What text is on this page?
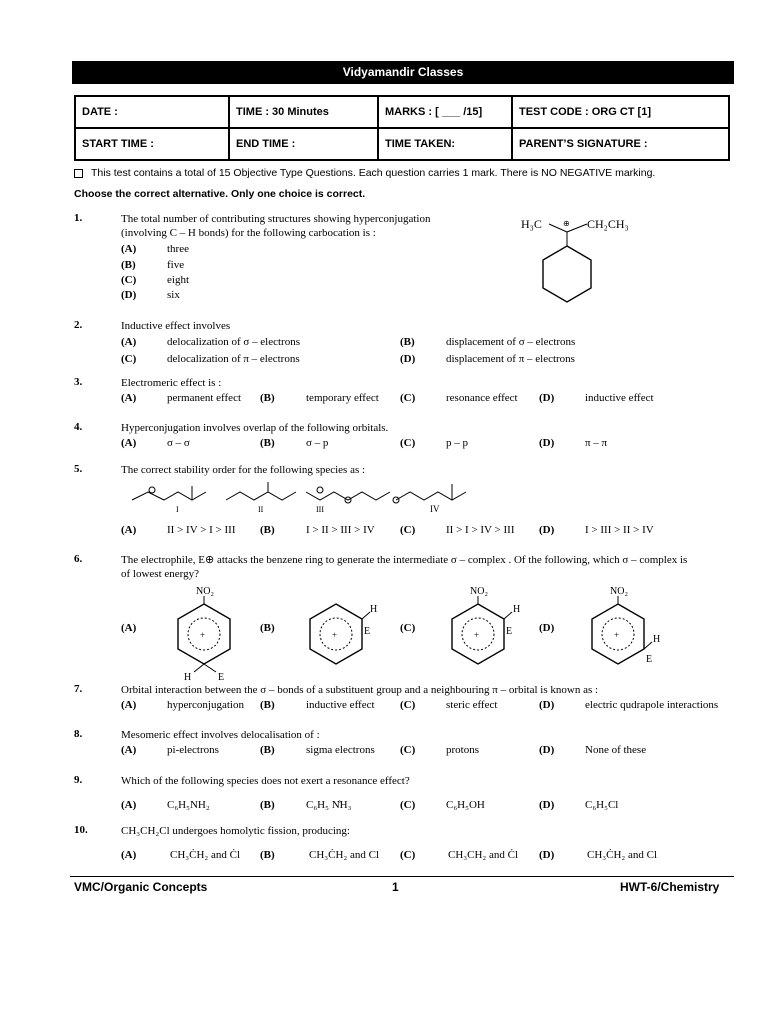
Vidyamandir Classes
DATE :	TIME : 30 Minutes	MARKS : [ ___ /15]	TEST CODE : ORG CT [1]
START TIME :	END TIME :	TIME TAKEN:	PARENT’S SIGNATURE :
This test contains a total of 15 Objective Type Questions. Each question carries 1 mark. There is NO NEGATIVE marking.
Choose the correct alternative. Only one choice is correct.
1.	The total number of contributing structures showing hyperconjugation
(involving C – H bonds) for the following carbocation is :
(A)	three
(B)	five
(C)	eight
(D)	six
H₃C	CH₂CH₃
⊕
2.	Inductive effect involves
(A)	delocalization of σ – electrons	(B)	displacement of σ – electrons
(C)	delocalization of π – electrons	(D)	displacement of π – electrons
3.	Electromeric effect is :
(A)	permanent effect (B)	temporary effect (C)	resonance effect (D)	inductive effect
4.	Hyperconjugation involves overlap of the following orbitals.
(A)	σ – σ	(B)	σ – p	(C)	p – p	(D)	π – π
5.	The correct stability order for the following species as :
I	II	III	IV
(A)	II > IV > I > III (B)	I > II > III > IV (C)	II > I > IV > III (D)	I > III > II > IV
6.	The electrophile, E⊕ attacks the benzene ring to generate the intermediate σ – complex . Of the following, which σ – complex is
of lowest energy?
(A)	(B)	(C)	(D)
NO₂
+
H	E
+
H
E
NO₂
+
H
E
NO₂
+	H
E
7.	Orbital interaction between the σ – bonds of a substituent group and a neighbouring π – orbital is known as :
(A)	hyperconjugation (B)	inductive effect (C)	steric effect	(D)	electric qudrapole interactions
8.	Mesomeric effect involves delocalisation of :
(A)	pi-electrons	(B)	sigma electrons (C)	protons	(D)	None of these
9.	Which of the following species does not exert a resonance effect?
(A)	C₆H₅NH₂	(B)	C₆H₅ N̊H₃	(C)	C₆H₅OH	(D)	C₆H₅Cl
10.	CH₃CH₂Cl undergoes homolytic fission, producing:
(A)	CH₃ĊH₂ and Ċl (B)	CH₃ĊH₂ and Cl (C)	CH₃CH₂ and Ċl (D)	CH₃ĊH₂ and Cl
VMC/Organic Concepts	1	HWT-6/Chemistry
